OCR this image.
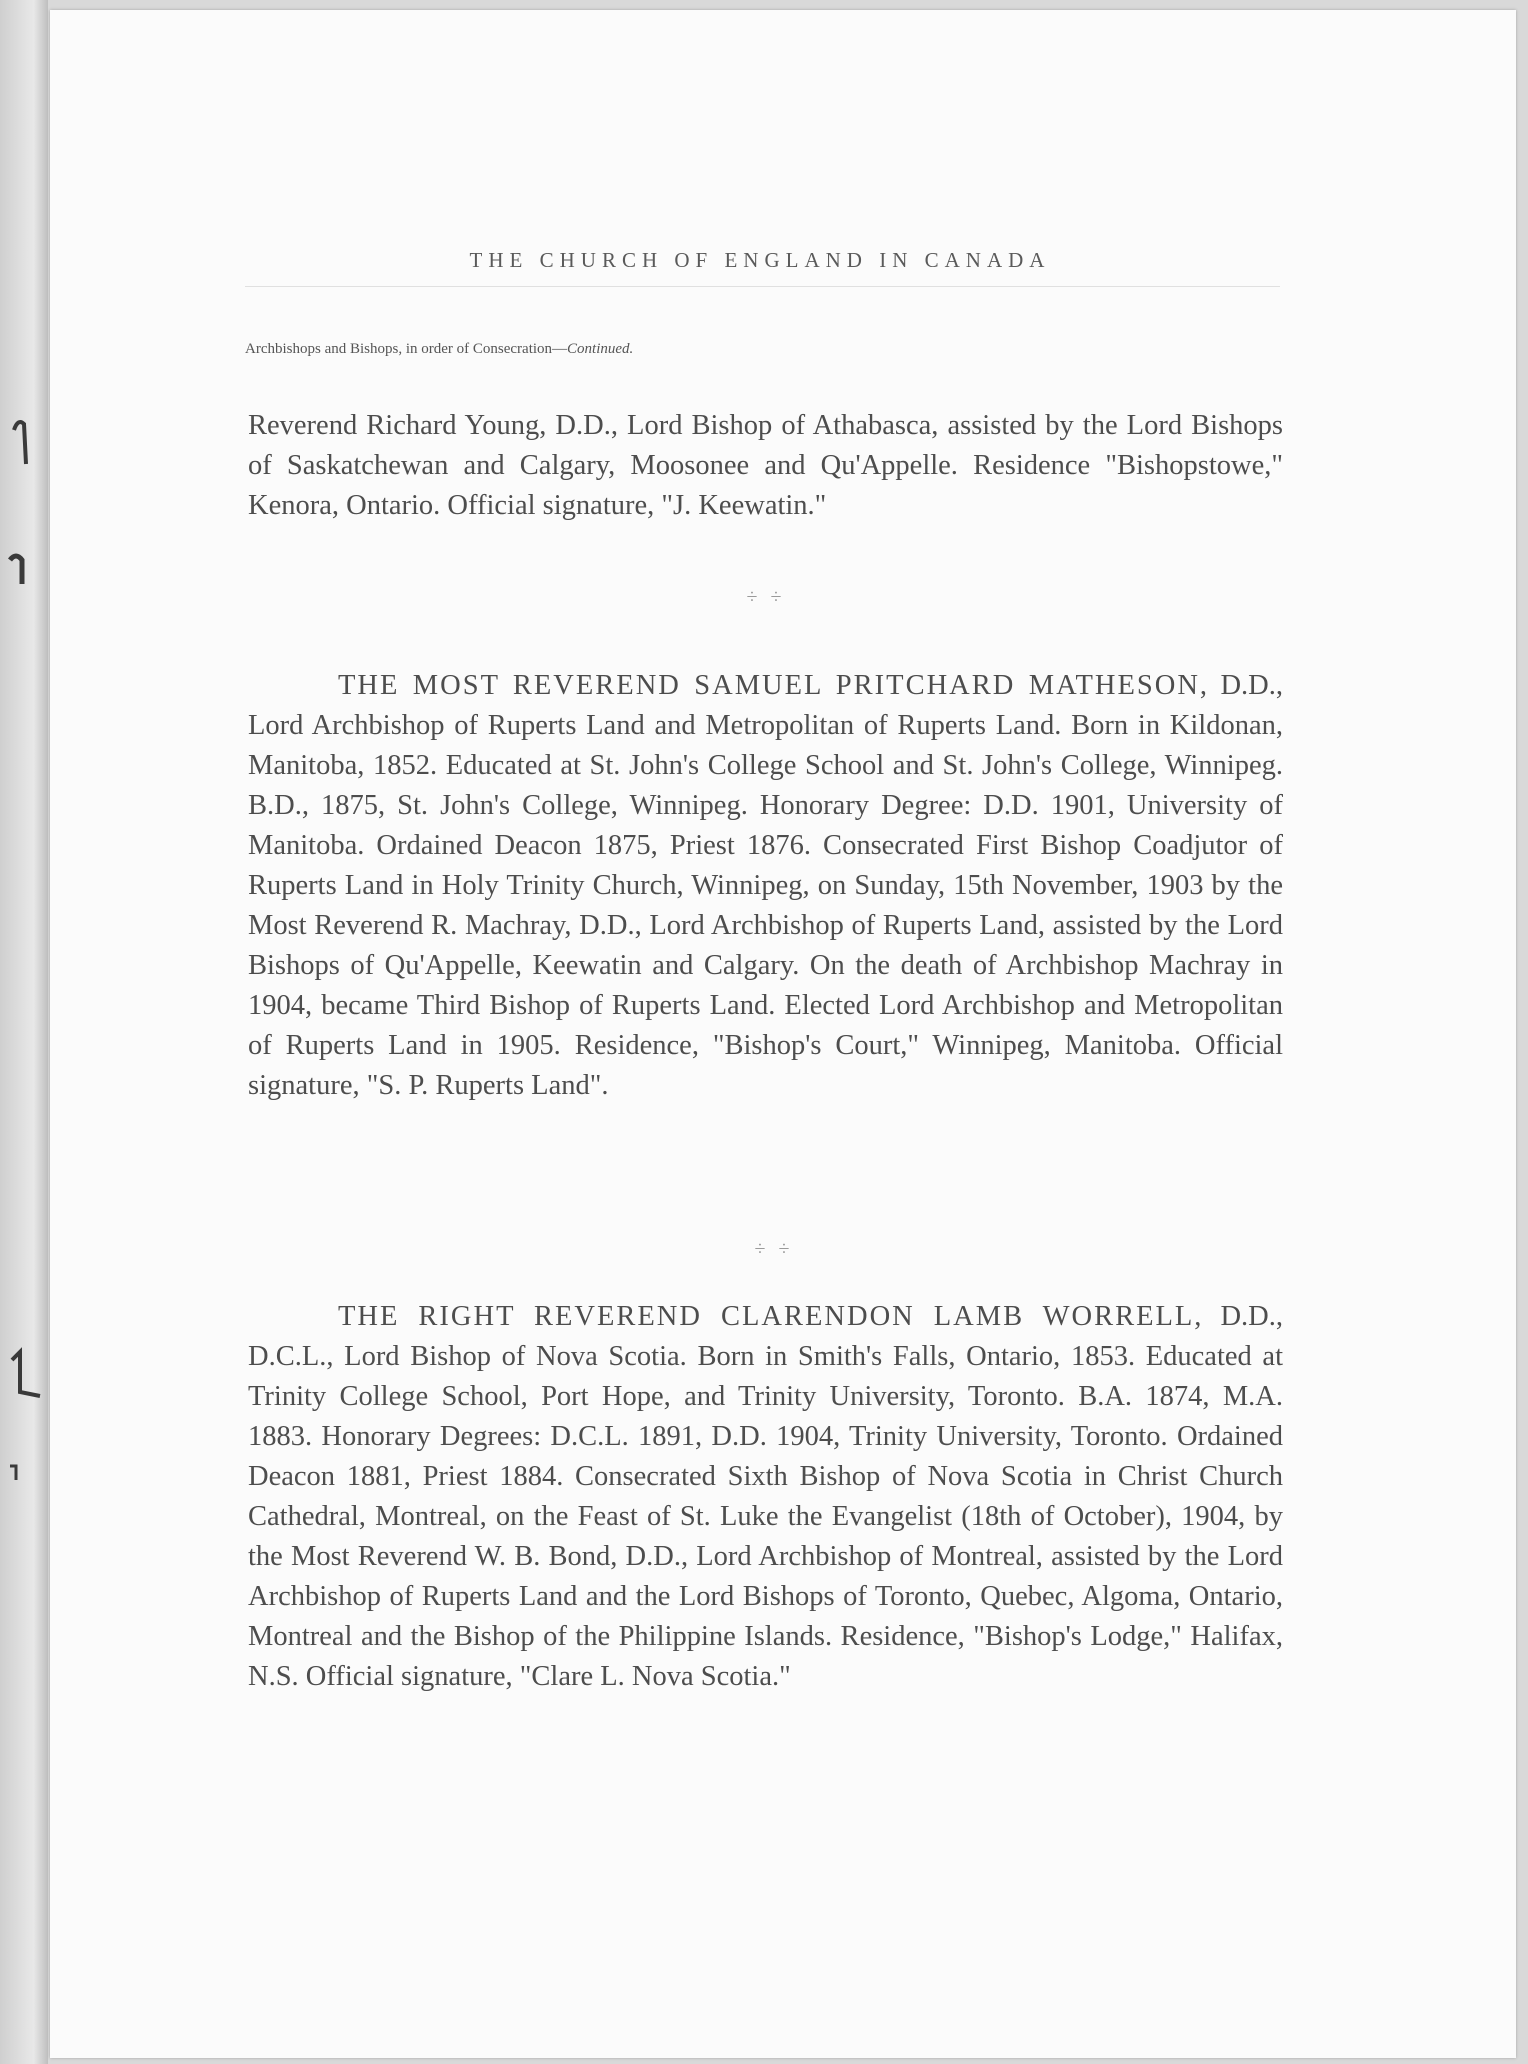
THE CHURCH OF ENGLAND IN CANADA
Archbishops and Bishops, in order of Consecration—Continued.
Reverend Richard Young, D.D., Lord Bishop of Athabasca, assisted by the Lord Bishops of Saskatchewan and Calgary, Moosonee and Qu'Appelle. Residence "Bishopstowe," Kenora, Ontario. Official signature, "J. Keewatin."
÷ ÷
THE MOST REVEREND SAMUEL PRITCHARD MATHESON, D.D., Lord Archbishop of Ruperts Land and Metropolitan of Ruperts Land. Born in Kildonan, Manitoba, 1852. Educated at St. John's College School and St. John's College, Winnipeg. B.D., 1875, St. John's College, Winnipeg. Honorary Degree: D.D. 1901, University of Manitoba. Ordained Deacon 1875, Priest 1876. Consecrated First Bishop Coadjutor of Ruperts Land in Holy Trinity Church, Winnipeg, on Sunday, 15th November, 1903 by the Most Reverend R. Machray, D.D., Lord Archbishop of Ruperts Land, assisted by the Lord Bishops of Qu'Appelle, Keewatin and Calgary. On the death of Archbishop Machray in 1904, became Third Bishop of Ruperts Land. Elected Lord Archbishop and Metropolitan of Ruperts Land in 1905. Residence, "Bishop's Court," Winnipeg, Manitoba. Official signature, "S. P. Ruperts Land".
÷ ÷
THE RIGHT REVEREND CLARENDON LAMB WORRELL, D.D., D.C.L., Lord Bishop of Nova Scotia. Born in Smith's Falls, Ontario, 1853. Educated at Trinity College School, Port Hope, and Trinity University, Toronto. B.A. 1874, M.A. 1883. Honorary Degrees: D.C.L. 1891, D.D. 1904, Trinity University, Toronto. Ordained Deacon 1881, Priest 1884. Consecrated Sixth Bishop of Nova Scotia in Christ Church Cathedral, Montreal, on the Feast of St. Luke the Evangelist (18th of October), 1904, by the Most Reverend W. B. Bond, D.D., Lord Archbishop of Montreal, assisted by the Lord Archbishop of Ruperts Land and the Lord Bishops of Toronto, Quebec, Algoma, Ontario, Montreal and the Bishop of the Philippine Islands. Residence, "Bishop's Lodge," Halifax, N.S. Official signature, "Clare L. Nova Scotia."
